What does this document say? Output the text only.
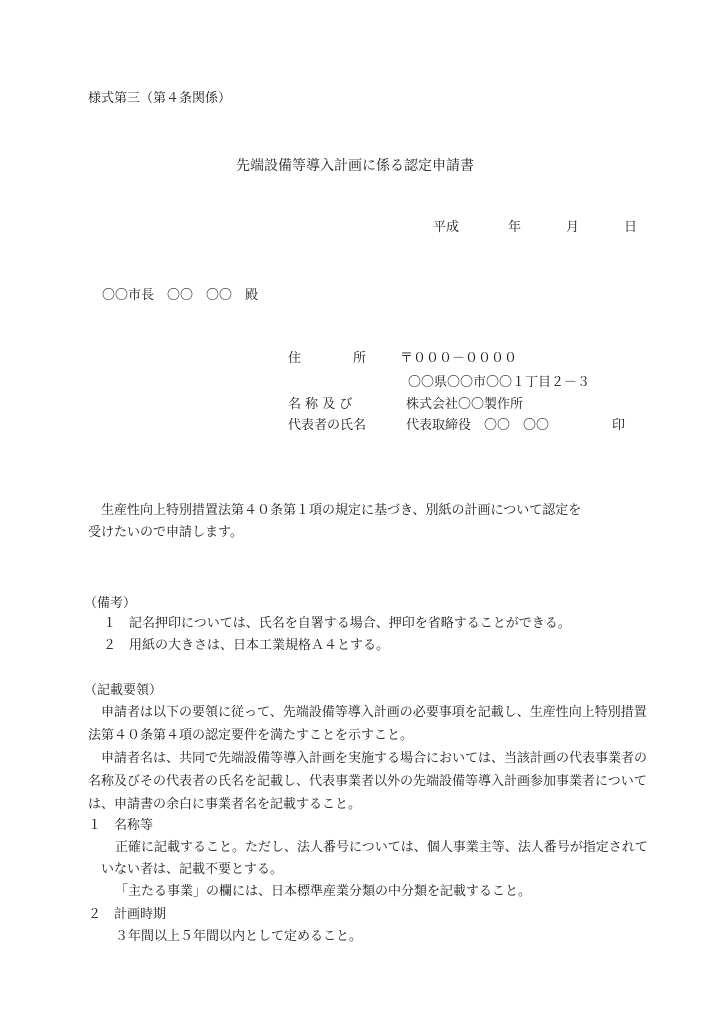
様式第三（第４条関係）
先端設備等導入計画に係る認定申請書
平成	年	月	日
〇〇市長　〇〇　〇〇　殿
住　　　　所	〒０００－００００
〇〇県〇〇市〇〇１丁目２－３
名 称 及 び	株式会社〇〇製作所
代表者の氏名	代表取締役　〇〇　〇〇	印
　生産性向上特別措置法第４０条第１項の規定に基づき、別紙の計画について認定を
受けたいので申請します。
（備考）
１　記名押印については、氏名を自署する場合、押印を省略することができる。
２　用紙の大きさは、日本工業規格Ａ４とする。
（記載要領）
　申請者は以下の要領に従って、先端設備等導入計画の必要事項を記載し、生産性向上特別措置
法第４０条第４項の認定要件を満たすことを示すこと。
　申請者名は、共同で先端設備等導入計画を実施する場合においては、当該計画の代表事業者の
名称及びその代表者の氏名を記載し、代表事業者以外の先端設備等導入計画参加事業者について
は、申請書の余白に事業者名を記載すること。
１　名称等
正確に記載すること。ただし、法人番号については、個人事業主等、法人番号が指定されて
いない者は、記載不要とする。
「主たる事業」の欄には、日本標準産業分類の中分類を記載すること。
２　計画時期
３年間以上５年間以内として定めること。
